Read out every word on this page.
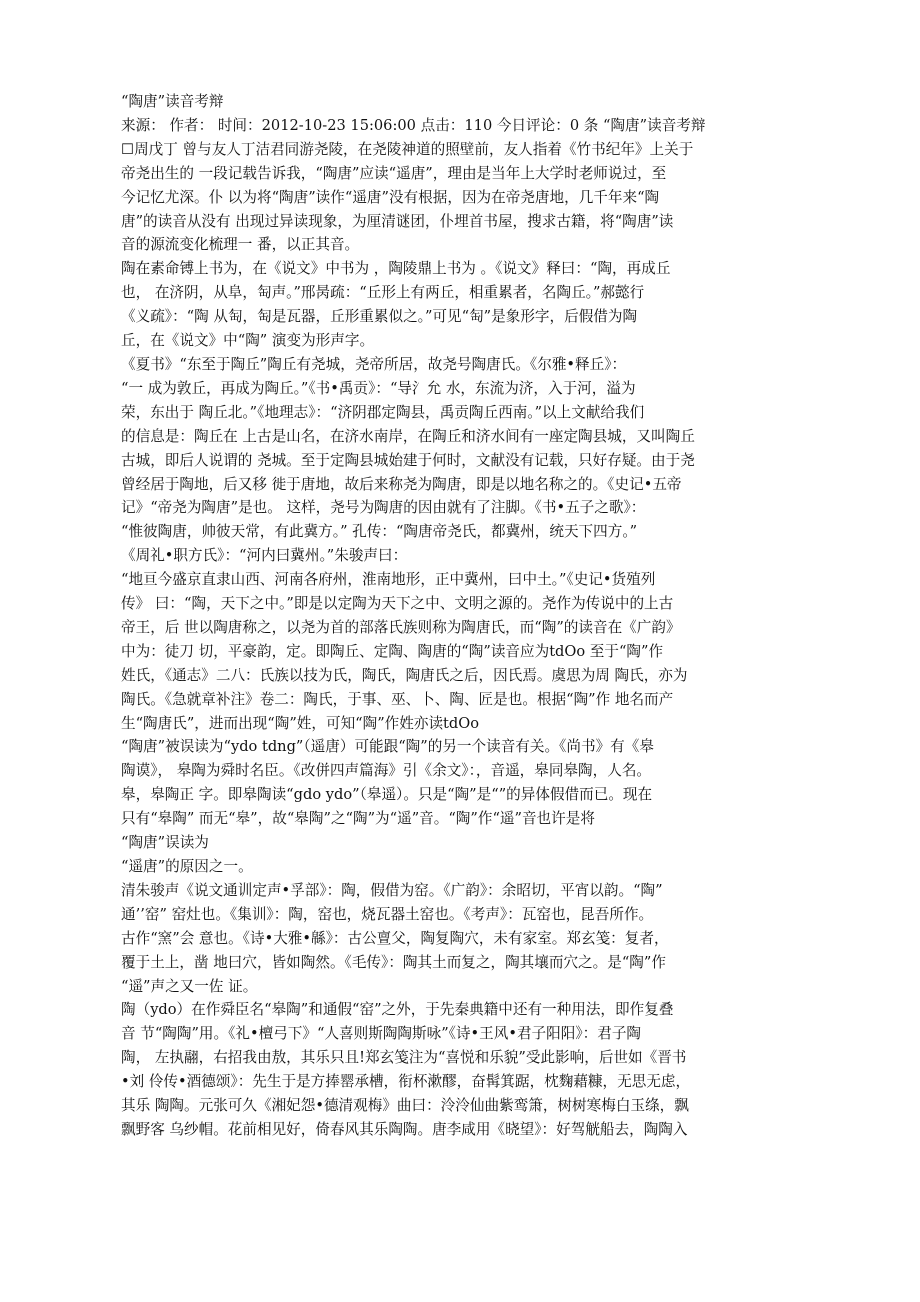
“陶唐”读音考辩

来源： 作者： 时间：2012-10-23 15:06:00 点击：110 今日评论：0 条 “陶唐”读音考辩

☐周戊丁 曾与友人丁洁君同游尧陵，在尧陵神道的照壁前，友人指着《竹书纪年》上关于

帝尧出生的 一段记载告诉我，“陶唐”应读“遥唐”，理由是当年上大学时老师说过，至

今记忆尤深。仆 以为将“陶唐”读作“遥唐”没有根据，因为在帝尧唐地，几千年来“陶

唐”的读音从没有 出现过异读现象，为厘清谜团，仆埋首书屋，搜求古籍，将“陶唐”读

音的源流变化梳理一 番，以正其音。

陶在素命镈上书为，在《说文》中书为 ，陶陵鼎上书为 。《说文》释曰：“陶，再成丘

也， 在济阴，从阜，匋声。”邢昺疏：“丘形上有两丘，相重累者，名陶丘。”郝懿行

《义疏》：“陶 从匋，匋是瓦器，丘形重累似之。”可见“匋”是象形字，后假借为陶

丘，在《说文》中“陶” 演变为形声字。

《夏书》“东至于陶丘”陶丘有尧城，尧帝所居，故尧号陶唐氏。《尔雅•释丘》：

“一 成为敦丘，再成为陶丘。”《书•禹贡》：“导氵允 水，东流为济，入于河，溢为

荣，东出于 陶丘北。”《地理志》：“济阴郡定陶县，禹贡陶丘西南。”以上文献给我们

的信息是：陶丘在 上古是山名，在济水南岸，在陶丘和济水间有一座定陶县城，又叫陶丘

古城，即后人说谓的 尧城。至于定陶县城始建于何时，文献没有记载，只好存疑。由于尧

曾经居于陶地，后又移 徙于唐地，故后来称尧为陶唐，即是以地名称之的。《史记•五帝

记》“帝尧为陶唐”是也。 这样，尧号为陶唐的因由就有了注脚。《书•五子之歌》：

“惟彼陶唐，帅彼天常，有此冀方。” 孔传：“陶唐帝尧氏，都冀州，统天下四方。”

《周礼•职方氏》：“河内曰冀州。”朱骏声曰：

“地亘今盛京直隶山西、河南各府州，淮南地形，正中冀州，曰中土。”《史记•货殖列

传》 曰：“陶，天下之中。”即是以定陶为天下之中、文明之源的。尧作为传说中的上古

帝王，后 世以陶唐称之，以尧为首的部落氏族则称为陶唐氏，而“陶”的读音在《广韵》

中为：徒刀 切，平豪韵，定。即陶丘、定陶、陶唐的“陶”读音应为tdOo 至于“陶”作

姓氏，《通志》二八：氏族以技为氏，陶氏，陶唐氏之后，因氏焉。虞思为周 陶氏，亦为

陶氏。《急就章补注》卷二：陶氏，于事、巫、卜、陶、匠是也。根据“陶”作 地名而产

生“陶唐氏”，进而出现“陶”姓，可知“陶”作姓亦读tdOo

“陶唐”被误读为“ydo tdng”（遥唐）可能跟“陶”的另一个读音有关。《尚书》有《皋

陶谟》， 皋陶为舜时名臣。《改併四声篇海》引《余文》：，音遥，皋同皋陶，人名。

皋，皋陶正 字。即皋陶读“gdo ydo”（皋遥）。只是“陶”是“”的异体假借而已。现在

只有“皋陶” 而无“皋”，故“皋陶”之“陶”为“遥”音。“陶”作“遥”音也许是将

“陶唐”误读为

“遥唐”的原因之一。

清朱骏声《说文通训定声•孚部》：陶，假借为窑。《广韵》：余昭切，平宵以韵。“陶”

通’’窑” 窑灶也。《集训》：陶，窑也，烧瓦器土窑也。《考声》：瓦窑也，昆吾所作。

古作“窯”会 意也。《诗•大雅•緜》：古公亶父，陶复陶穴，未有家室。郑玄笺：复者，

覆于土上，凿 地曰穴，皆如陶然。《毛传》：陶其土而复之，陶其壤而穴之。是“陶”作

“遥”声之又一佐 证。

陶（ydo）在作舜臣名“皋陶”和通假“窑”之外，于先秦典籍中还有一种用法，即作复叠

音 节“陶陶”用。《礼•檀弓下》“人喜则斯陶陶斯咏”《诗•王风•君子阳阳》：君子陶

陶， 左执翮，右招我由敖，其乐只且!郑玄笺注为“喜悦和乐貌”受此影响，后世如《晋书

•刘 伶传•酒德颂》：先生于是方捧罂承槽，衔杯漱醪，奋髯箕踞，枕麴藉糠，无思无虑，

其乐 陶陶。元张可久《湘妃怨•德清观梅》曲曰：泠泠仙曲紫鸾箫，树树寒梅白玉绦，飘

飘野客 乌纱帽。花前相见好，倚春风其乐陶陶。唐李咸用《晓望》：好驾觥船去，陶陶入
